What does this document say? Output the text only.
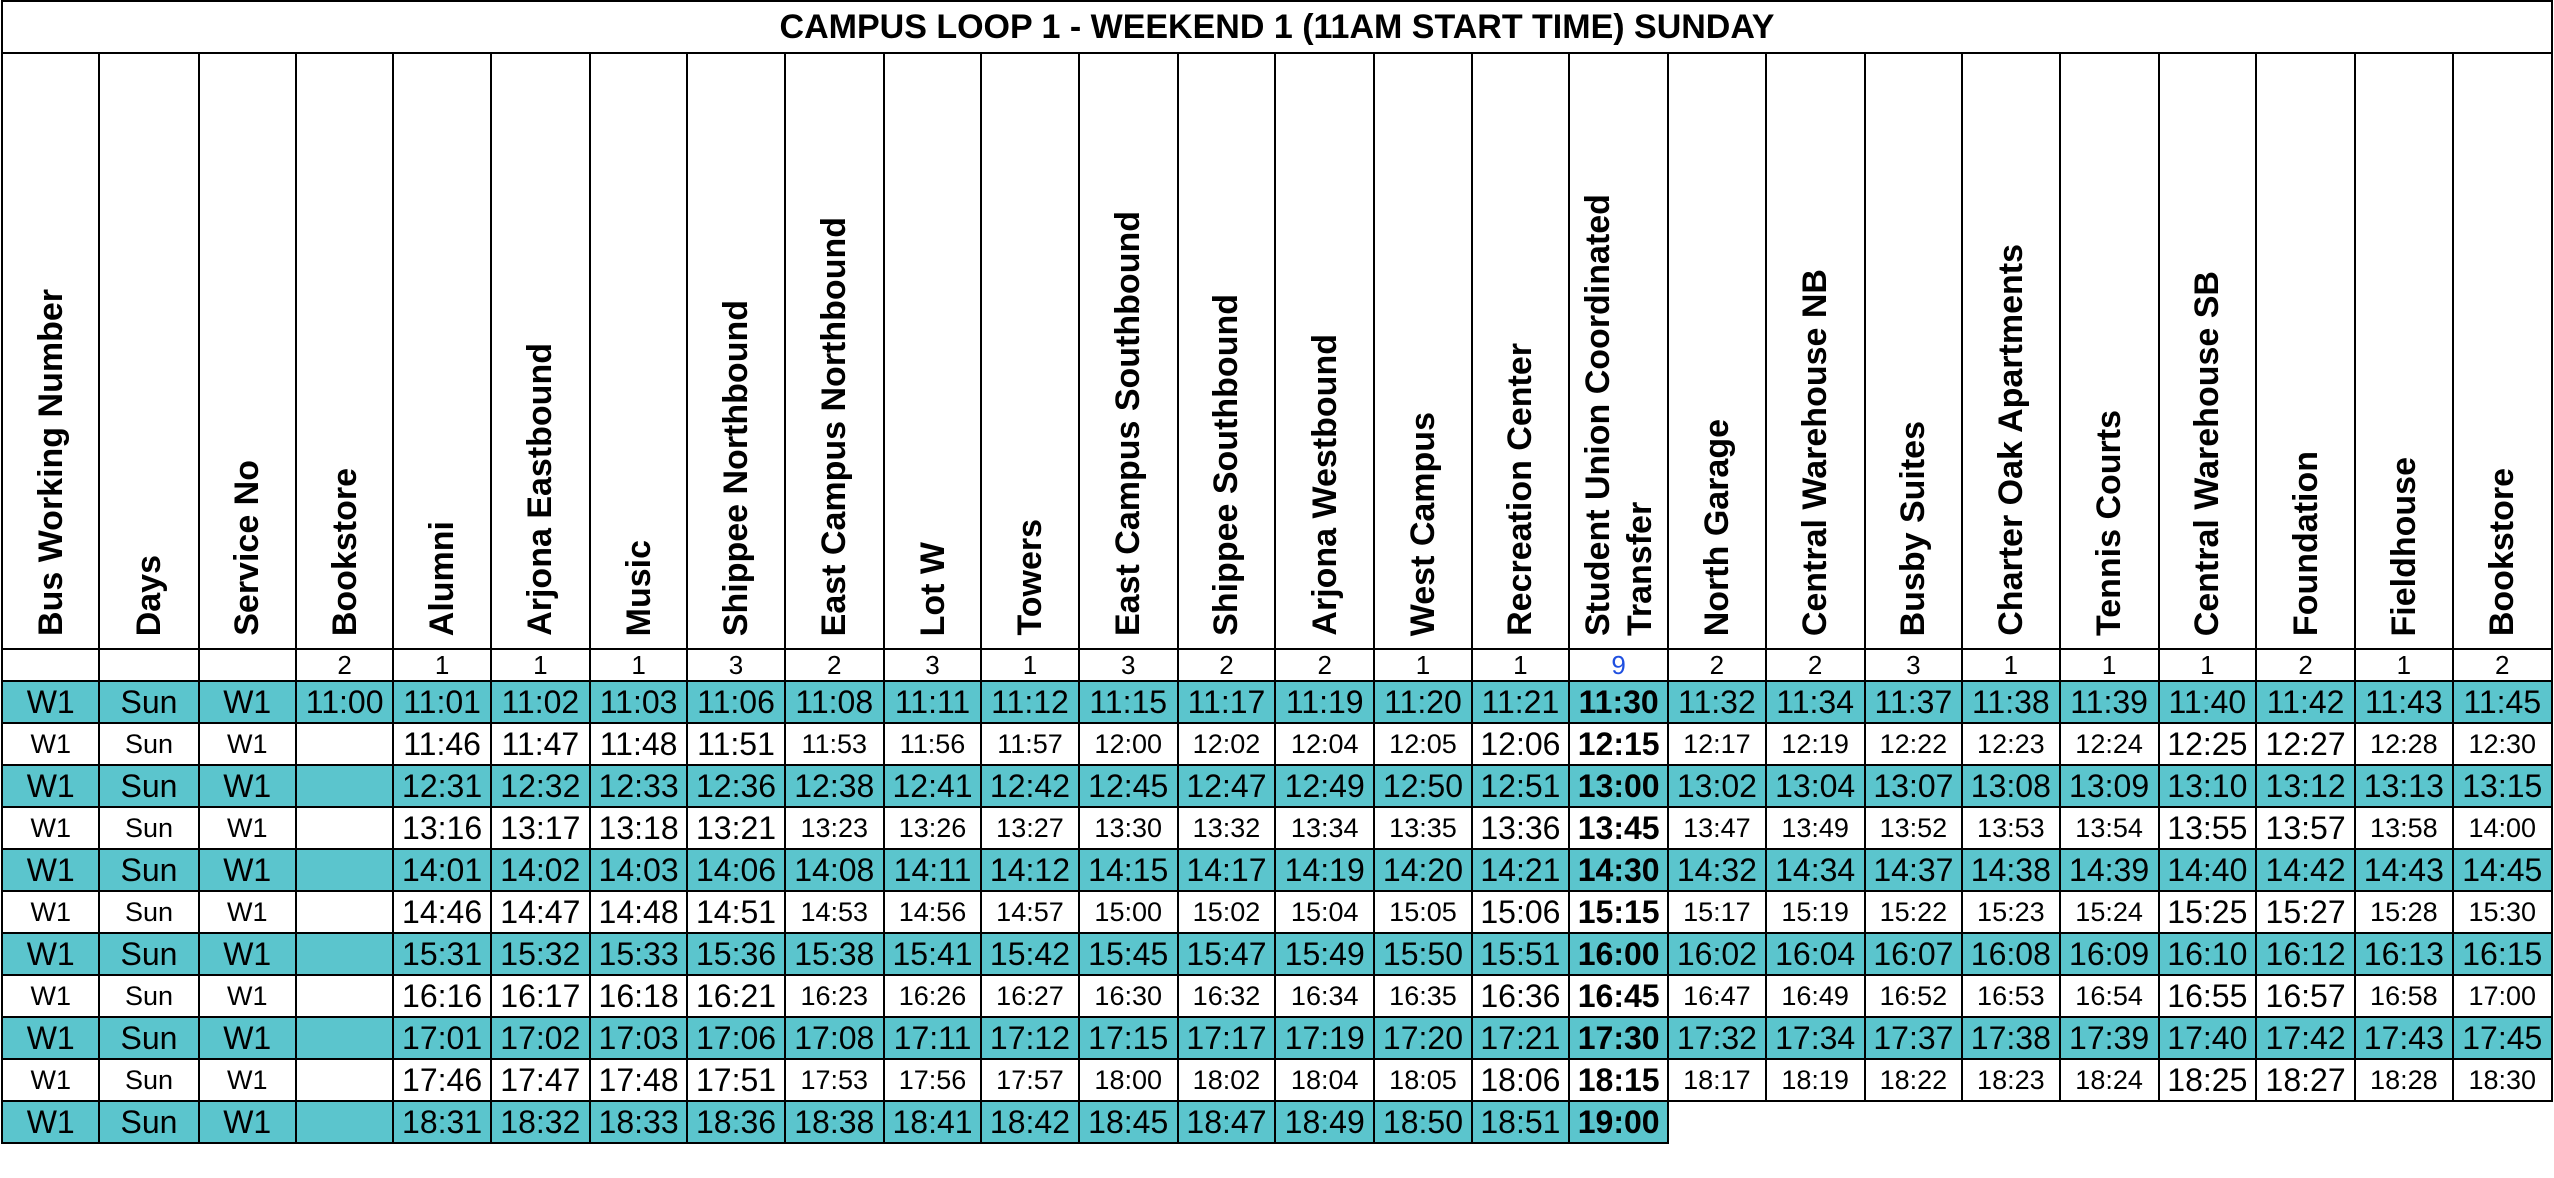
CAMPUS LOOP 1 - WEEKEND 1 (11AM START TIME) SUNDAY																									

Bus Working Number	Days	Service No	Bookstore	Alumni	Arjona Eastbound	Music	Shippee Northbound	East Campus Northbound	Lot W	Towers	East Campus Southbound	Shippee Southbound	Arjona Westbound	West Campus	Recreation Center	Student Union Coordinated Transfer	North Garage	Central Warehouse NB	Busby Suites	Charter Oak Apartments	Tennis Courts	Central Warehouse SB	Foundation	Fieldhouse	Bookstore

			2	1	1	1	3	2	3	1	3	2	2	1	1	9	2	2	3	1	1	1	2	1	2
W1	Sun	W1	11:00	11:01	11:02	11:03	11:06	11:08	11:11	11:12	11:15	11:17	11:19	11:20	11:21	11:30	11:32	11:34	11:37	11:38	11:39	11:40	11:42	11:43	11:45
W1	Sun	W1		11:46	11:47	11:48	11:51	11:53	11:56	11:57	12:00	12:02	12:04	12:05	12:06	12:15	12:17	12:19	12:22	12:23	12:24	12:25	12:27	12:28	12:30
W1	Sun	W1		12:31	12:32	12:33	12:36	12:38	12:41	12:42	12:45	12:47	12:49	12:50	12:51	13:00	13:02	13:04	13:07	13:08	13:09	13:10	13:12	13:13	13:15
W1	Sun	W1		13:16	13:17	13:18	13:21	13:23	13:26	13:27	13:30	13:32	13:34	13:35	13:36	13:45	13:47	13:49	13:52	13:53	13:54	13:55	13:57	13:58	14:00
W1	Sun	W1		14:01	14:02	14:03	14:06	14:08	14:11	14:12	14:15	14:17	14:19	14:20	14:21	14:30	14:32	14:34	14:37	14:38	14:39	14:40	14:42	14:43	14:45
W1	Sun	W1		14:46	14:47	14:48	14:51	14:53	14:56	14:57	15:00	15:02	15:04	15:05	15:06	15:15	15:17	15:19	15:22	15:23	15:24	15:25	15:27	15:28	15:30
W1	Sun	W1		15:31	15:32	15:33	15:36	15:38	15:41	15:42	15:45	15:47	15:49	15:50	15:51	16:00	16:02	16:04	16:07	16:08	16:09	16:10	16:12	16:13	16:15
W1	Sun	W1		16:16	16:17	16:18	16:21	16:23	16:26	16:27	16:30	16:32	16:34	16:35	16:36	16:45	16:47	16:49	16:52	16:53	16:54	16:55	16:57	16:58	17:00
W1	Sun	W1		17:01	17:02	17:03	17:06	17:08	17:11	17:12	17:15	17:17	17:19	17:20	17:21	17:30	17:32	17:34	17:37	17:38	17:39	17:40	17:42	17:43	17:45
W1	Sun	W1		17:46	17:47	17:48	17:51	17:53	17:56	17:57	18:00	18:02	18:04	18:05	18:06	18:15	18:17	18:19	18:22	18:23	18:24	18:25	18:27	18:28	18:30
W1	Sun	W1		18:31	18:32	18:33	18:36	18:38	18:41	18:42	18:45	18:47	18:49	18:50	18:51	19:00									
